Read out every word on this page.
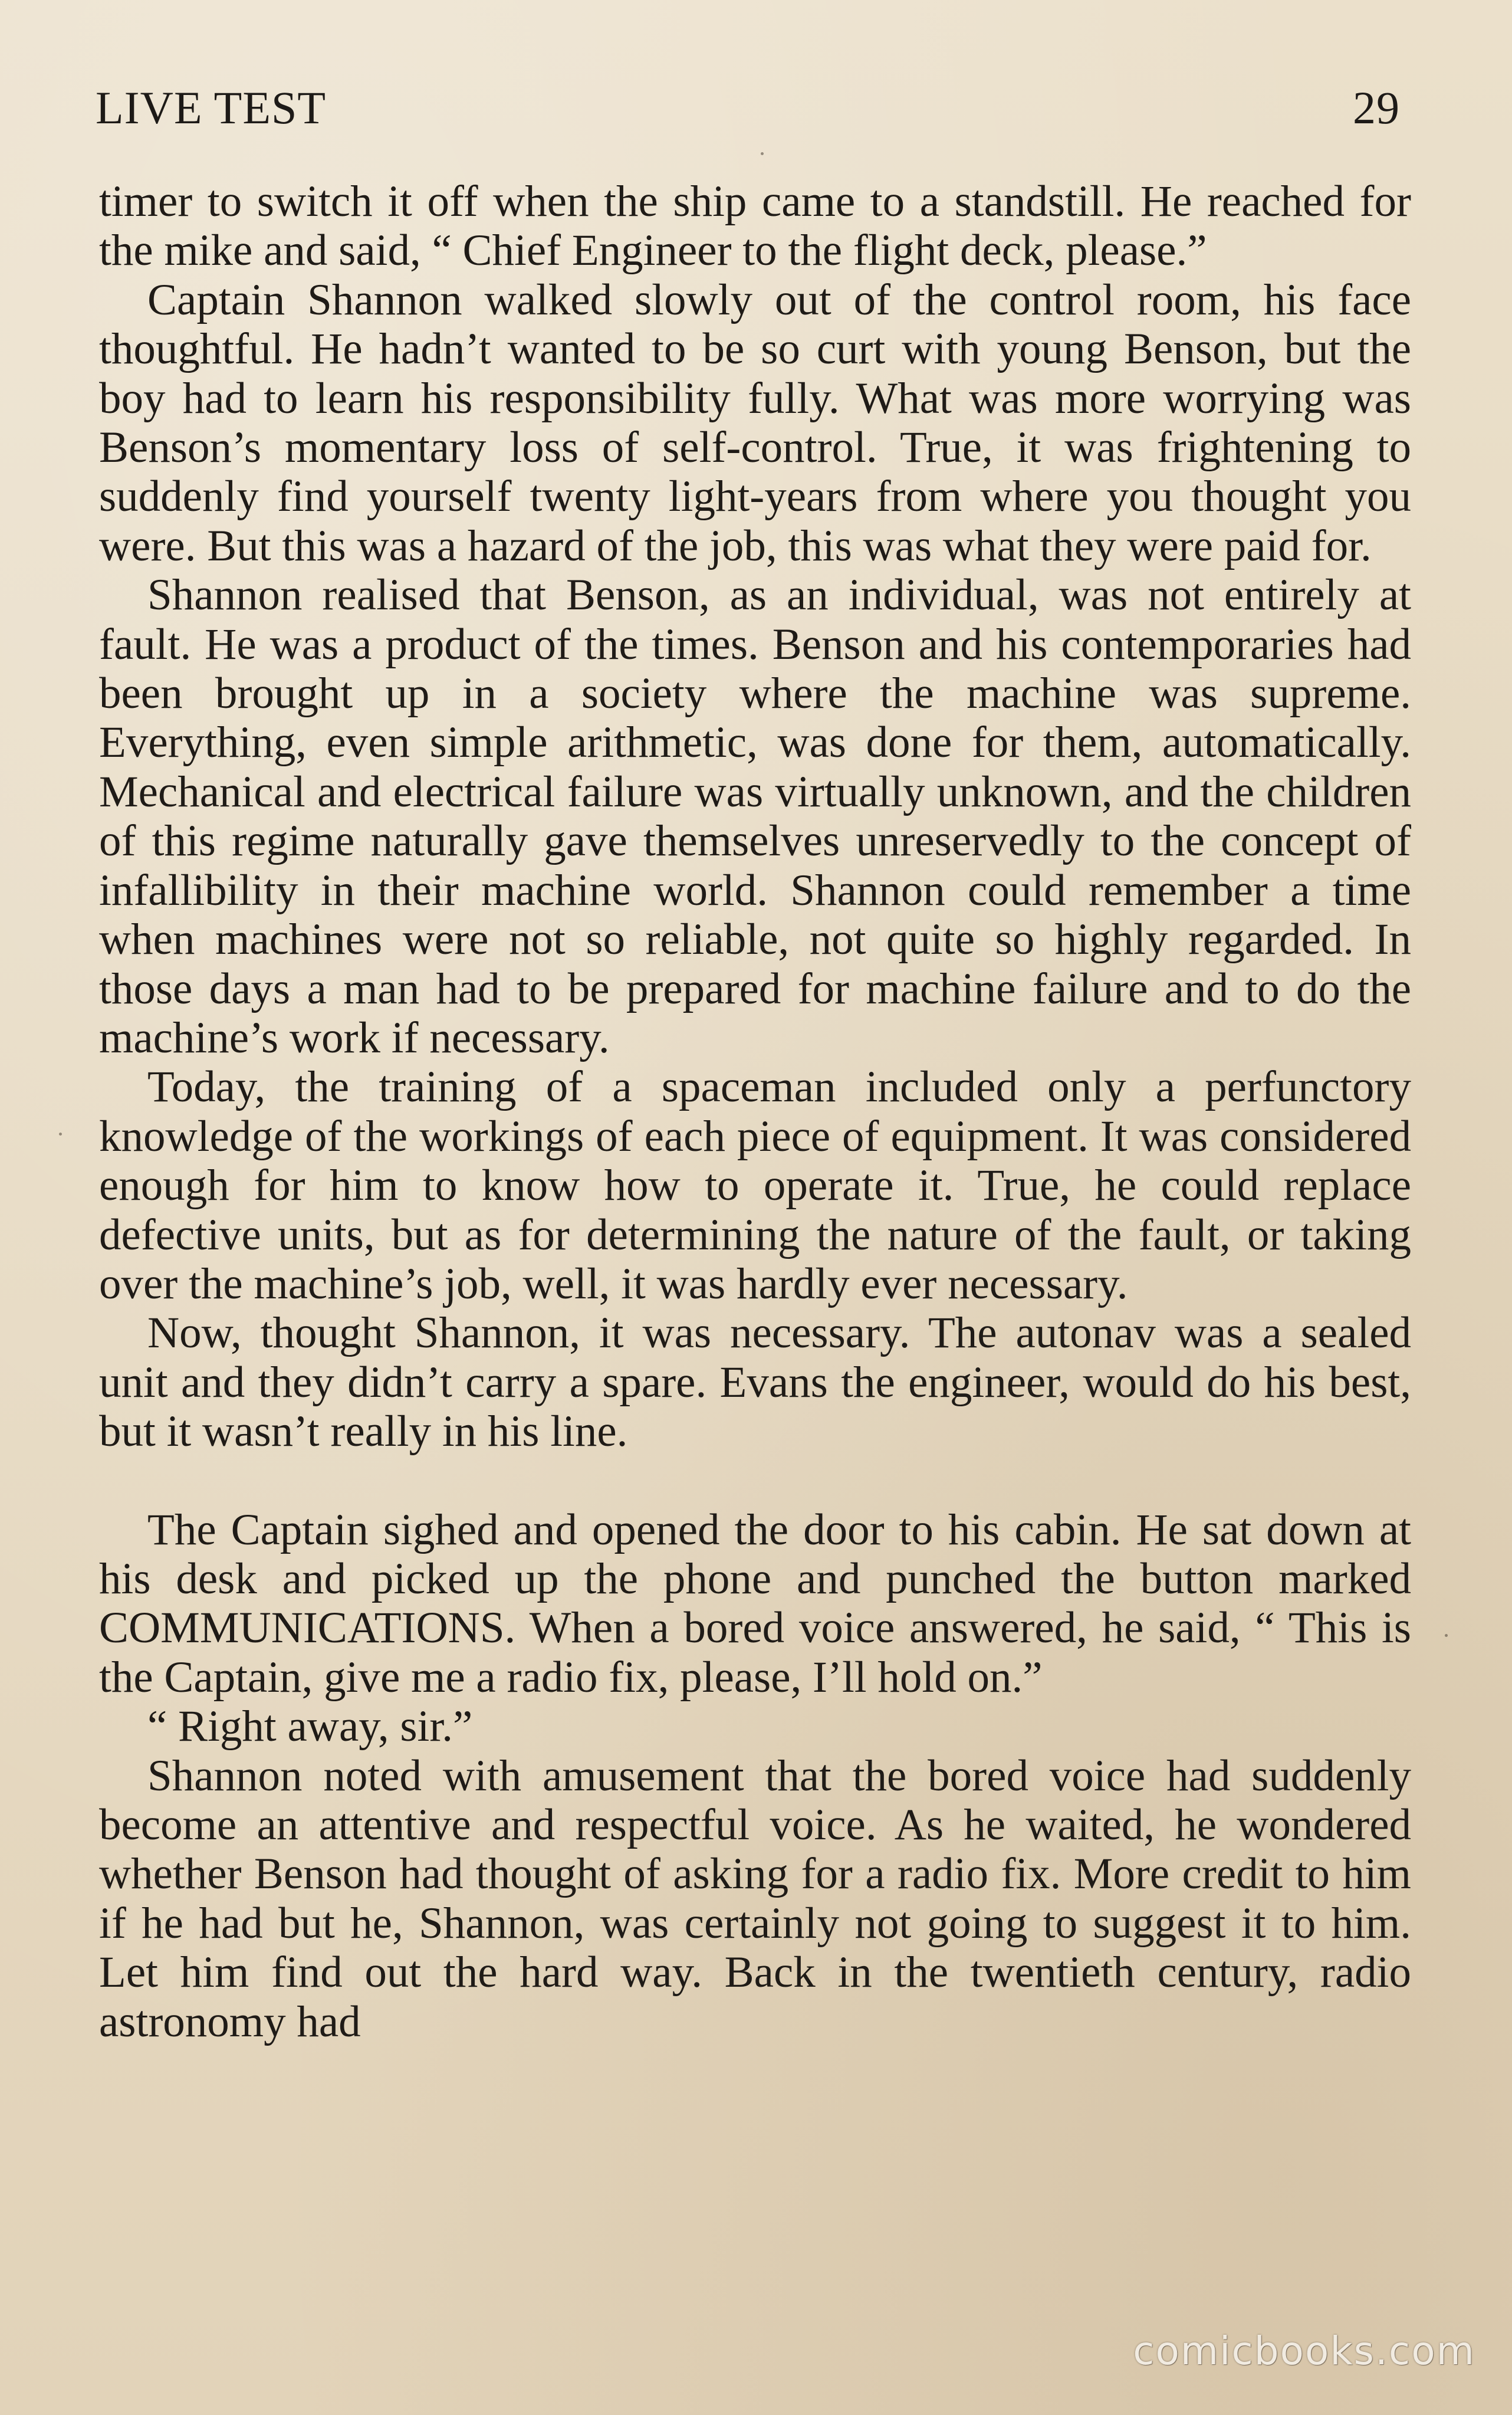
LIVE TEST	29

timer to switch it off when the ship came to a standstill. He reached for the mike and said, “ Chief Engineer to the flight deck, please.”

Captain Shannon walked slowly out of the control room, his face thoughtful. He hadn’t wanted to be so curt with young Benson, but the boy had to learn his responsibility fully. What was more worrying was Benson’s momentary loss of self-control. True, it was frightening to suddenly find yourself twenty light-years from where you thought you were. But this was a hazard of the job, this was what they were paid for.

Shannon realised that Benson, as an individual, was not entirely at fault. He was a product of the times. Benson and his contemporaries had been brought up in a society where the machine was supreme. Everything, even simple arithmetic, was done for them, automatically. Mechanical and electrical failure was virtually unknown, and the children of this regime naturally gave themselves unreservedly to the concept of infallibility in their machine world. Shannon could remember a time when machines were not so reliable, not quite so highly regarded. In those days a man had to be prepared for machine failure and to do the machine’s work if necessary.

Today, the training of a spaceman included only a perfunctory knowledge of the workings of each piece of equipment. It was considered enough for him to know how to operate it. True, he could replace defective units, but as for determining the nature of the fault, or taking over the machine’s job, well, it was hardly ever necessary.

Now, thought Shannon, it was necessary. The autonav was a sealed unit and they didn’t carry a spare. Evans the engineer, would do his best, but it wasn’t really in his line.

The Captain sighed and opened the door to his cabin. He sat down at his desk and picked up the phone and punched the button marked COMMUNICATIONS. When a bored voice answered, he said, “ This is the Captain, give me a radio fix, please, I’ll hold on.”

“ Right away, sir.”

Shannon noted with amusement that the bored voice had suddenly become an attentive and respectful voice. As he waited, he wondered whether Benson had thought of asking for a radio fix. More credit to him if he had but he, Shannon, was certainly not going to suggest it to him. Let him find out the hard way. Back in the twentieth century, radio astronomy had

comicbooks.com
